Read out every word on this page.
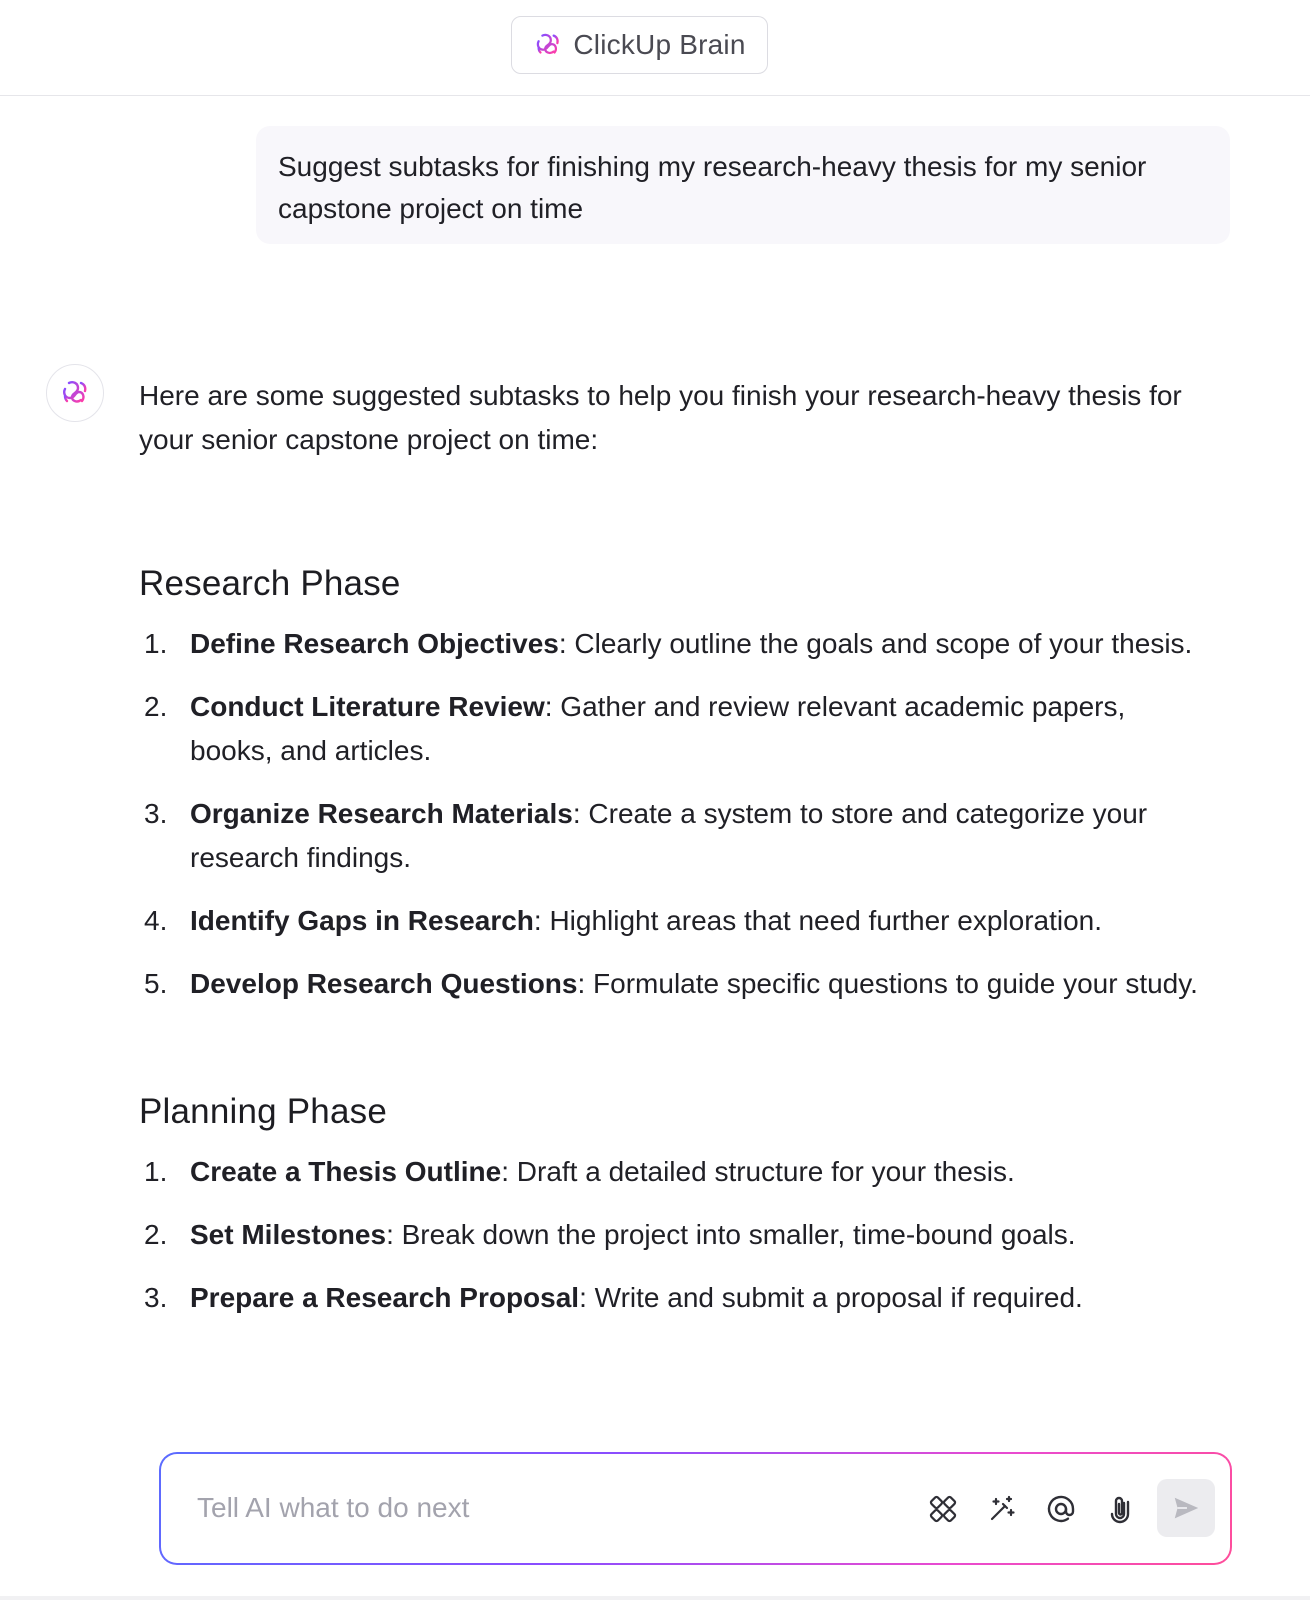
ClickUp Brain
Suggest subtasks for finishing my research-heavy thesis for my senior capstone project on time

Here are some suggested subtasks to help you finish your research-heavy thesis for your senior capstone project on time:

Research Phase
1. Define Research Objectives: Clearly outline the goals and scope of your thesis.
2. Conduct Literature Review: Gather and review relevant academic papers, books, and articles.
3. Organize Research Materials: Create a system to store and categorize your research findings.
4. Identify Gaps in Research: Highlight areas that need further exploration.
5. Develop Research Questions: Formulate specific questions to guide your study.
Planning Phase
1. Create a Thesis Outline: Draft a detailed structure for your thesis.
2. Set Milestones: Break down the project into smaller, time-bound goals.
3. Prepare a Research Proposal: Write and submit a proposal if required.
Tell AI what to do next
